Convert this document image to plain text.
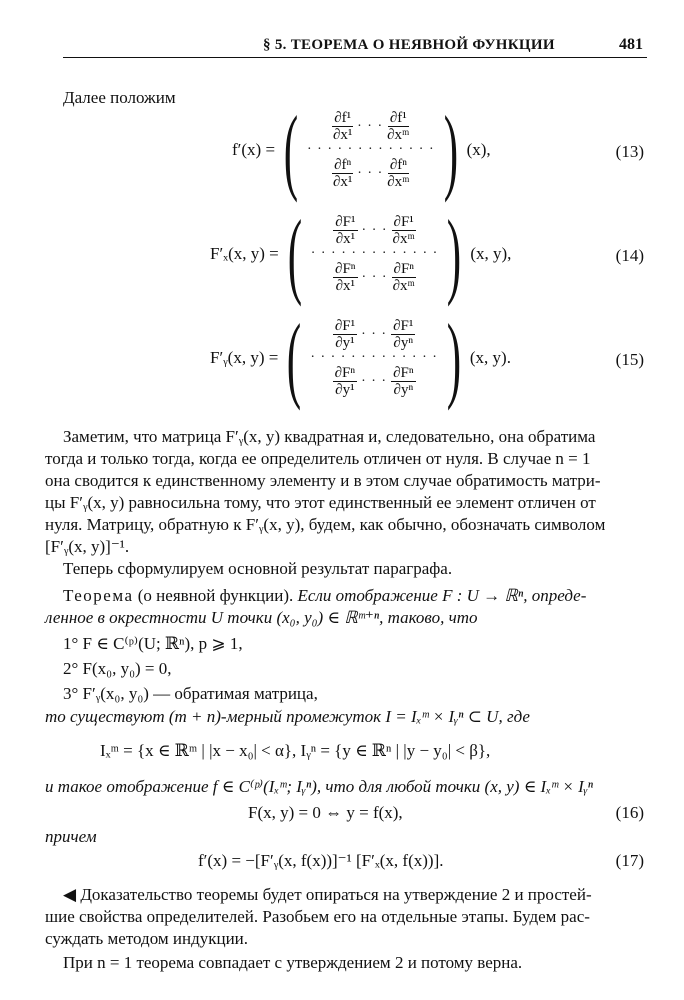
§ 5. ТЕОРЕМА О НЕЯВНОЙ ФУНКЦИИ	481
Далее положим
f′(x) = ( $\frac{\text{∂f¹}}{\text{∂x¹}}$ · · · $\frac{\text{∂f¹}}{\text{∂xᵐ}}$
· · · · · · · · · · · · ·
$\frac{\text{∂fⁿ}}{\text{∂x¹}}$ · · · $\frac{\text{∂fⁿ}}{\text{∂xᵐ}}$ ) (x),	(13)
F′ₓ(x, y) = ( $\frac{\text{∂F¹}}{\text{∂x¹}}$ · · · $\frac{\text{∂F¹}}{\text{∂xᵐ}}$
· · · · · · · · · · · · ·
$\frac{\text{∂Fⁿ}}{\text{∂x¹}}$ · · · $\frac{\text{∂Fⁿ}}{\text{∂xᵐ}}$ ) (x, y),	(14)
F′ᵧ(x, y) = ( $\frac{\text{∂F¹}}{\text{∂y¹}}$ · · · $\frac{\text{∂F¹}}{\text{∂yⁿ}}$
· · · · · · · · · · · · ·
$\frac{\text{∂Fⁿ}}{\text{∂y¹}}$ · · · $\frac{\text{∂Fⁿ}}{\text{∂yⁿ}}$ ) (x, y).	(15)
Заметим, что матрица F′ᵧ(x, y) квадратная и, следовательно, она обратима
тогда и только тогда, когда ее определитель отличен от нуля. В случае n = 1
она сводится к единственному элементу и в этом случае обратимость матри-
цы F′ᵧ(x, y) равносильна тому, что этот единственный ее элемент отличен от
нуля. Матрицу, обратную к F′ᵧ(x, y), будем, как обычно, обозначать символом
[F′ᵧ(x, y)]⁻¹.
Теперь сформулируем основной результат параграфа.
Теорема (о неявной функции). Если отображение F : U → ℝⁿ, опреде-
ленное в окрестности U точки (x₀, y₀) ∈ ℝᵐ⁺ⁿ, таково, что
1° F ∈ C⁽ᵖ⁾(U; ℝⁿ), p ⩾ 1,
2° F(x₀, y₀) = 0,
3° F′ᵧ(x₀, y₀) — обратимая матрица,
то существуют (m + n)-мерный промежуток I = Iₓᵐ × Iᵧⁿ ⊂ U, где
Iₓᵐ = {x ∈ ℝᵐ | |x − x₀| < α}, Iᵧⁿ = {y ∈ ℝⁿ | |y − y₀| < β},
и такое отображение f ∈ C⁽ᵖ⁾(Iₓᵐ; Iᵧⁿ), что для любой точки (x, y) ∈ Iₓᵐ × Iᵧⁿ
F(x, y) = 0 ⇔ y = f(x),	(16)
причем
f′(x) = −[F′ᵧ(x, f(x))]⁻¹ [F′ₓ(x, f(x))].	(17)
◀ Доказательство теоремы будет опираться на утверждение 2 и простей-
шие свойства определителей. Разобьем его на отдельные этапы. Будем рас-
суждать методом индукции.
При n = 1 теорема совпадает с утверждением 2 и потому верна.
